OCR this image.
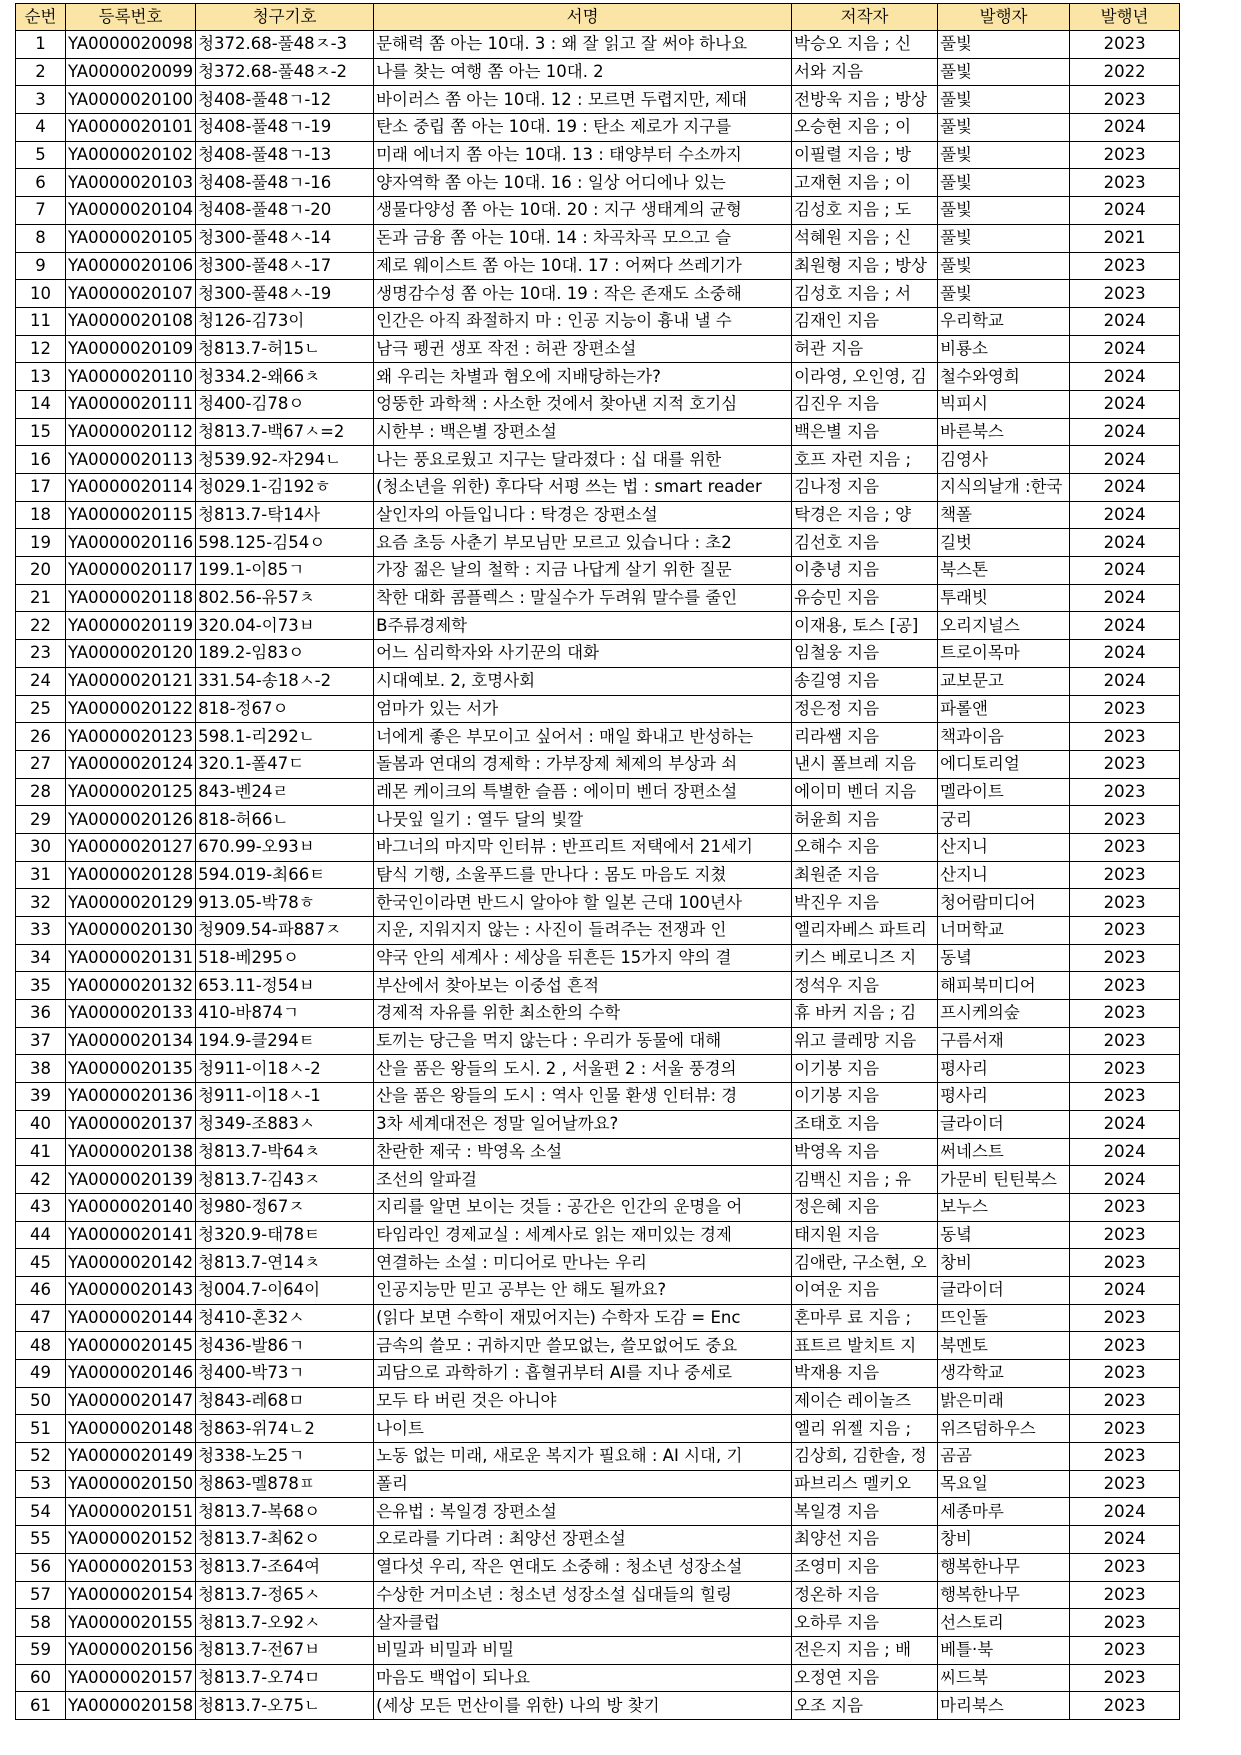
순번	등록번호	청구기호	서명	저작자	발행자	발행년
1	YA0000020098	청372.68-풀48ㅈ-3	문해력 쫌 아는 10대. 3 : 왜 잘 읽고 잘 써야 하나요	박승오 지음 ; 신	풀빛	2023
2	YA0000020099	청372.68-풀48ㅈ-2	나를 찾는 여행 쫌 아는 10대. 2	서와 지음	풀빛	2022
3	YA0000020100	청408-풀48ㄱ-12	바이러스 쫌 아는 10대. 12 : 모르면 두렵지만, 제대	전방욱 지음 ; 방상	풀빛	2023
4	YA0000020101	청408-풀48ㄱ-19	탄소 중립 쫌 아는 10대. 19 : 탄소 제로가 지구를	오승현 지음 ; 이	풀빛	2024
5	YA0000020102	청408-풀48ㄱ-13	미래 에너지 쫌 아는 10대. 13 : 태양부터 수소까지	이필렬 지음 ; 방	풀빛	2023
6	YA0000020103	청408-풀48ㄱ-16	양자역학 쫌 아는 10대. 16 : 일상 어디에나 있는	고재현 지음 ; 이	풀빛	2023
7	YA0000020104	청408-풀48ㄱ-20	생물다양성 쫌 아는 10대. 20 : 지구 생태계의 균형	김성호 지음 ; 도	풀빛	2024
8	YA0000020105	청300-풀48ㅅ-14	돈과 금융 쫌 아는 10대. 14 : 차곡차곡 모으고 슬	석혜원 지음 ; 신	풀빛	2021
9	YA0000020106	청300-풀48ㅅ-17	제로 웨이스트 쫌 아는 10대. 17 : 어쩌다 쓰레기가	최원형 지음 ; 방상	풀빛	2023
10	YA0000020107	청300-풀48ㅅ-19	생명감수성 쫌 아는 10대. 19 : 작은 존재도 소중해	김성호 지음 ; 서	풀빛	2023
11	YA0000020108	청126-김73이	인간은 아직 좌절하지 마 : 인공 지능이 흉내 낼 수	김재인 지음	우리학교	2024
12	YA0000020109	청813.7-허15ㄴ	남극 펭귄 생포 작전 : 허관 장편소설	허관 지음	비룡소	2024
13	YA0000020110	청334.2-왜66ㅊ	왜 우리는 차별과 혐오에 지배당하는가?	이라영, 오인영, 김	철수와영희	2024
14	YA0000020111	청400-김78ㅇ	엉뚱한 과학책 : 사소한 것에서 찾아낸 지적 호기심	김진우 지음	빅피시	2024
15	YA0000020112	청813.7-백67ㅅ=2	시한부 : 백은별 장편소설	백은별 지음	바른북스	2024
16	YA0000020113	청539.92-자294ㄴ	나는 풍요로웠고 지구는 달라졌다 : 십 대를 위한	호프 자런 지음 ;	김영사	2024
17	YA0000020114	청029.1-김192ㅎ	(청소년을 위한) 후다닥 서평 쓰는 법 : smart reader	김나정 지음	지식의날개 :한국	2024
18	YA0000020115	청813.7-탁14사	살인자의 아들입니다 : 탁경은 장편소설	탁경은 지음 ; 양	책폴	2024
19	YA0000020116	598.125-김54ㅇ	요즘 초등 사춘기 부모님만 모르고 있습니다 : 초2	김선호 지음	길벗	2024
20	YA0000020117	199.1-이85ㄱ	가장 젊은 날의 철학 : 지금 나답게 살기 위한 질문	이충녕 지음	북스톤	2024
21	YA0000020118	802.56-유57ㅊ	착한 대화 콤플렉스 : 말실수가 두려워 말수를 줄인	유승민 지음	투래빗	2024
22	YA0000020119	320.04-이73ㅂ	B주류경제학	이재용, 토스 [공]	오리지널스	2024
23	YA0000020120	189.2-임83ㅇ	어느 심리학자와 사기꾼의 대화	임철웅 지음	트로이목마	2024
24	YA0000020121	331.54-송18ㅅ-2	시대예보. 2, 호명사회	송길영 지음	교보문고	2024
25	YA0000020122	818-정67ㅇ	엄마가 있는 서가	정은정 지음	파롤앤	2023
26	YA0000020123	598.1-리292ㄴ	너에게 좋은 부모이고 싶어서 : 매일 화내고 반성하는	리라쌤 지음	책과이음	2023
27	YA0000020124	320.1-폴47ㄷ	돌봄과 연대의 경제학 : 가부장제 체제의 부상과 쇠	낸시 폴브레 지음	에디토리얼	2023
28	YA0000020125	843-벤24ㄹ	레몬 케이크의 특별한 슬픔 : 에이미 벤더 장편소설	에이미 벤더 지음	멜라이트	2023
29	YA0000020126	818-허66ㄴ	나뭇잎 일기 : 열두 달의 빛깔	허윤희 지음	궁리	2023
30	YA0000020127	670.99-오93ㅂ	바그너의 마지막 인터뷰 : 반프리트 저택에서 21세기	오해수 지음	산지니	2023
31	YA0000020128	594.019-최66ㅌ	탐식 기행, 소울푸드를 만나다 : 몸도 마음도 지쳤	최원준 지음	산지니	2023
32	YA0000020129	913.05-박78ㅎ	한국인이라면 반드시 알아야 할 일본 근대 100년사	박진우 지음	청어람미디어	2023
33	YA0000020130	청909.54-파887ㅈ	지운, 지워지지 않는 : 사진이 들려주는 전쟁과 인	엘리자베스 파트리	너머학교	2023
34	YA0000020131	518-베295ㅇ	약국 안의 세계사 : 세상을 뒤흔든 15가지 약의 결	키스 베로니즈 지	동녘	2023
35	YA0000020132	653.11-정54ㅂ	부산에서 찾아보는 이중섭 흔적	정석우 지음	해피북미디어	2023
36	YA0000020133	410-바874ㄱ	경제적 자유를 위한 최소한의 수학	휴 바커 지음 ; 김	프시케의숲	2023
37	YA0000020134	194.9-클294ㅌ	토끼는 당근을 먹지 않는다 : 우리가 동물에 대해	위고 클레망 지음	구름서재	2023
38	YA0000020135	청911-이18ㅅ-2	산을 품은 왕들의 도시. 2 , 서울편 2 : 서울 풍경의	이기봉 지음	평사리	2023
39	YA0000020136	청911-이18ㅅ-1	산을 품은 왕들의 도시 : 역사 인물 환생 인터뷰: 경	이기봉 지음	평사리	2023
40	YA0000020137	청349-조883ㅅ	3차 세계대전은 정말 일어날까요?	조태호 지음	글라이더	2024
41	YA0000020138	청813.7-박64ㅊ	찬란한 제국 : 박영옥 소설	박영옥 지음	써네스트	2024
42	YA0000020139	청813.7-김43ㅈ	조선의 알파걸	김백신 지음 ; 유	가문비 틴틴북스	2024
43	YA0000020140	청980-정67ㅈ	지리를 알면 보이는 것들 : 공간은 인간의 운명을 어	정은혜 지음	보누스	2023
44	YA0000020141	청320.9-태78ㅌ	타임라인 경제교실 : 세계사로 읽는 재미있는 경제	태지원 지음	동녘	2023
45	YA0000020142	청813.7-연14ㅊ	연결하는 소설 : 미디어로 만나는 우리	김애란, 구소현, 오	창비	2023
46	YA0000020143	청004.7-이64이	인공지능만 믿고 공부는 안 해도 될까요?	이여운 지음	글라이더	2024
47	YA0000020144	청410-혼32ㅅ	(읽다 보면 수학이 재밌어지는) 수학자 도감 = Enc	혼마루 료 지음 ;	뜨인돌	2023
48	YA0000020145	청436-발86ㄱ	금속의 쓸모 : 귀하지만 쓸모없는, 쓸모없어도 중요	표트르 발치트 지	북멘토	2023
49	YA0000020146	청400-박73ㄱ	괴담으로 과학하기 : 흡혈귀부터 AI를 지나 중세로	박재용 지음	생각학교	2023
50	YA0000020147	청843-레68ㅁ	모두 타 버린 것은 아니야	제이슨 레이놀즈	밝은미래	2023
51	YA0000020148	청863-위74ㄴ2	나이트	엘리 위젤 지음 ;	위즈덤하우스	2023
52	YA0000020149	청338-노25ㄱ	노동 없는 미래, 새로운 복지가 필요해 : AI 시대, 기	김상희, 김한솔, 정	곰곰	2023
53	YA0000020150	청863-멜878ㅍ	폴리	파브리스 멜키오	목요일	2023
54	YA0000020151	청813.7-복68ㅇ	은유법 : 복일경 장편소설	복일경 지음	세종마루	2024
55	YA0000020152	청813.7-최62ㅇ	오로라를 기다려 : 최양선 장편소설	최양선 지음	창비	2024
56	YA0000020153	청813.7-조64여	열다섯 우리, 작은 연대도 소중해 : 청소년 성장소설	조영미 지음	행복한나무	2023
57	YA0000020154	청813.7-정65ㅅ	수상한 거미소년 : 청소년 성장소설 십대들의 힐링	정온하 지음	행복한나무	2023
58	YA0000020155	청813.7-오92ㅅ	살자클럽	오하루 지음	선스토리	2023
59	YA0000020156	청813.7-전67ㅂ	비밀과 비밀과 비밀	전은지 지음 ; 배	베틀·북	2023
60	YA0000020157	청813.7-오74ㅁ	마음도 백업이 되나요	오정연 지음	씨드북	2023
61	YA0000020158	청813.7-오75ㄴ	(세상 모든 먼산이를 위한) 나의 방 찾기	오조 지음	마리북스	2023
